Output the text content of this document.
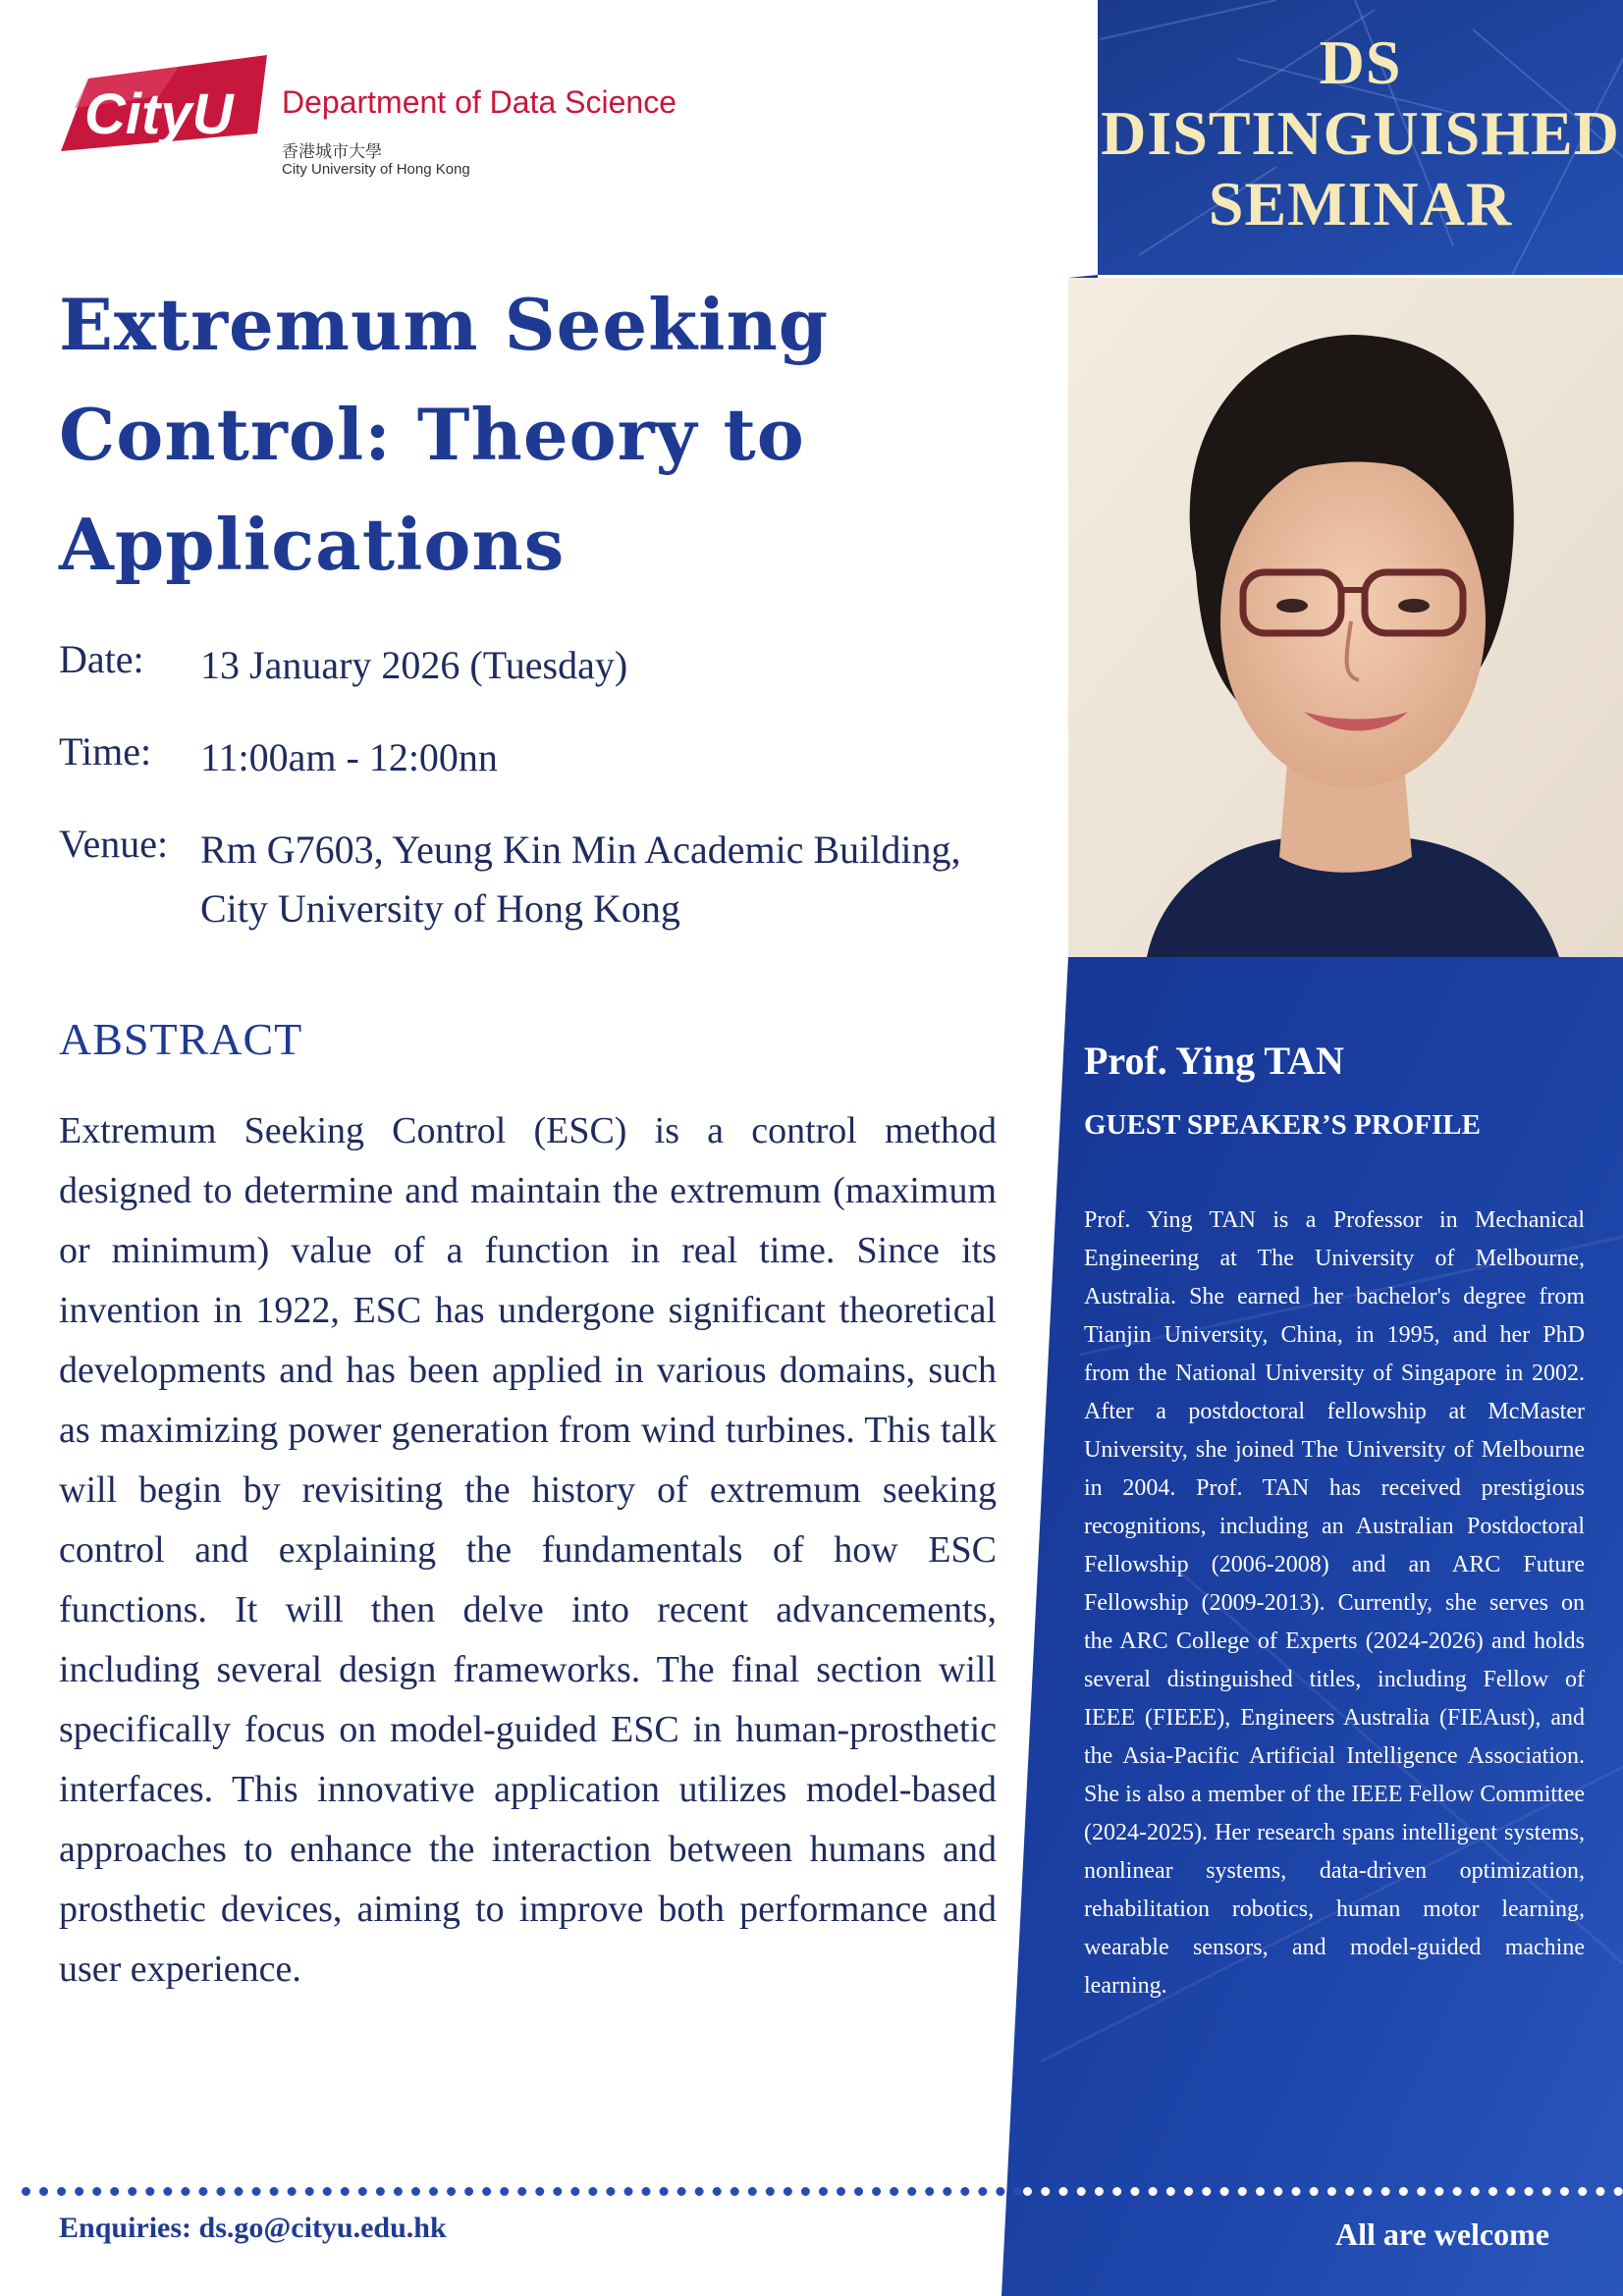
CityU Department of Data Science
香港城市大學
City University of Hong Kong
DS
DISTINGUISHED
SEMINAR
Extremum Seeking
Control: Theory to
Applications
Date: 13 January 2026 (Tuesday)
Time: 11:00am - 12:00nn
Venue: Rm G7603, Yeung Kin Min Academic Building,
City University of Hong Kong
ABSTRACT
Extremum Seeking Control (ESC) is a control method designed to determine and maintain the extremum (maximum or minimum) value of a function in real time. Since its invention in 1922, ESC has undergone significant theoretical developments and has been applied in various domains, such as maximizing power generation from wind turbines. This talk will begin by revisiting the history of extremum seeking control and explaining the fundamentals of how ESC functions. It will then delve into recent advancements, including several design frameworks. The final section will specifically focus on model-guided ESC in human-prosthetic interfaces. This innovative application utilizes model-based approaches to enhance the interaction between humans and prosthetic devices, aiming to improve both performance and user experience.
Prof. Ying TAN
GUEST SPEAKER’S PROFILE
Prof. Ying TAN is a Professor in Mechanical Engineering at The University of Melbourne, Australia. She earned her bachelor's degree from Tianjin University, China, in 1995, and her PhD from the National University of Singapore in 2002. After a postdoctoral fellowship at McMaster University, she joined The University of Melbourne in 2004. Prof. TAN has received prestigious recognitions, including an Australian Postdoctoral Fellowship (2006-2008) and an ARC Future Fellowship (2009-2013). Currently, she serves on the ARC College of Experts (2024-2026) and holds several distinguished titles, including Fellow of IEEE (FIEEE), Engineers Australia (FIEAust), and the Asia-Pacific Artificial Intelligence Association. She is also a member of the IEEE Fellow Committee (2024-2025). Her research spans intelligent systems, nonlinear systems, data-driven optimization, rehabilitation robotics, human motor learning, wearable sensors, and model-guided machine learning.
Enquiries: ds.go@cityu.edu.hk	All are welcome
